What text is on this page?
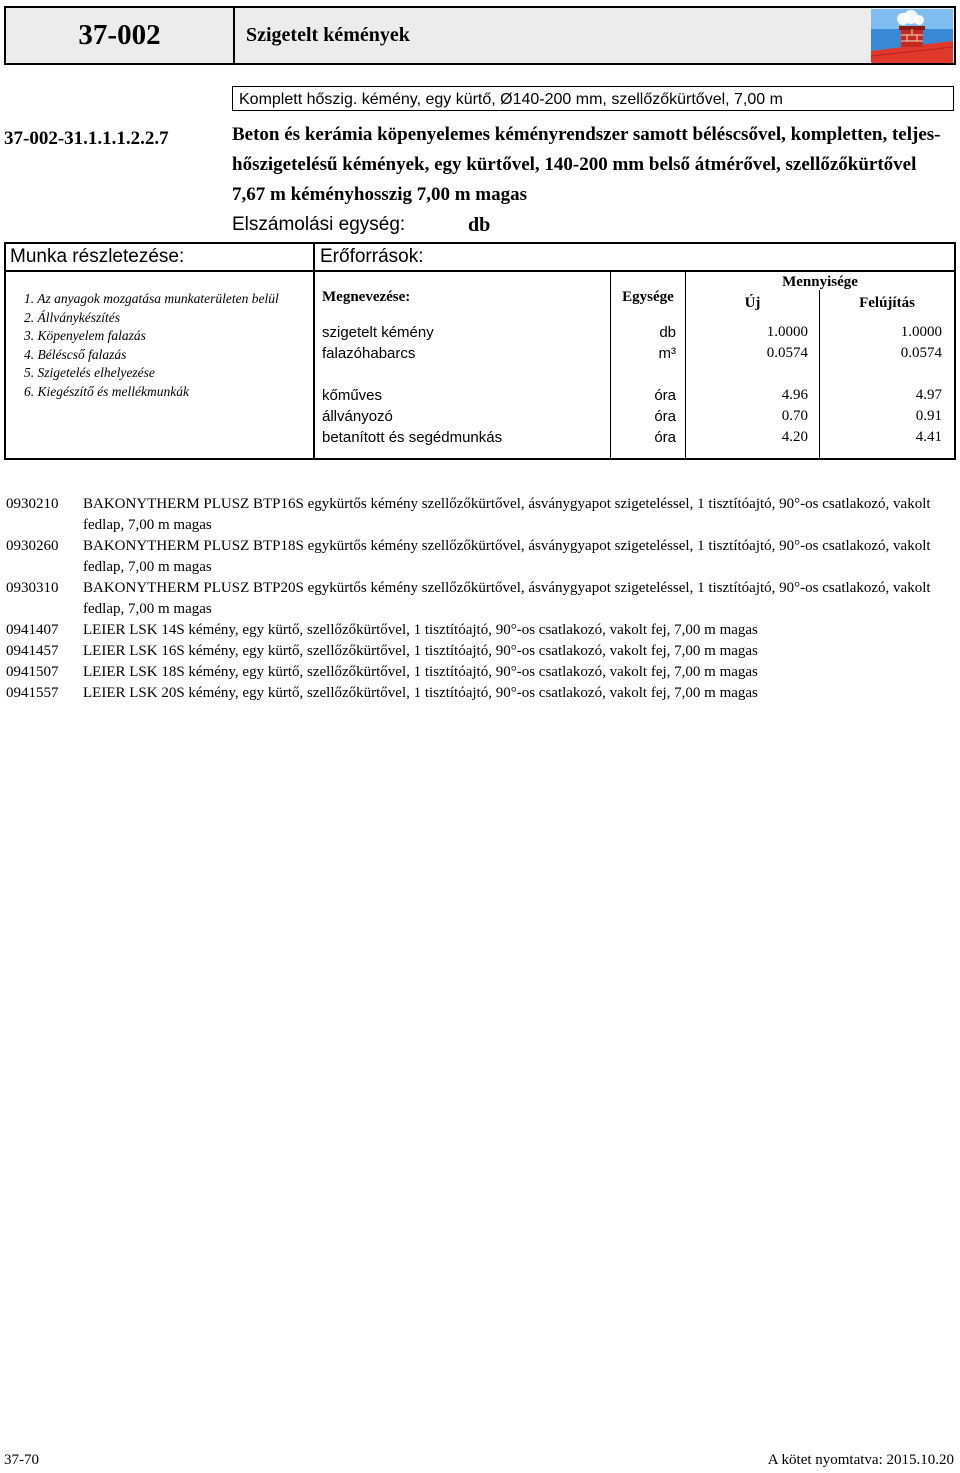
37-002	Szigetelt kémények
Komplett hőszig. kémény, egy kürtő, Ø140-200 mm, szellőzőkürtővel, 7,00 m
37-002-31.1.1.1.2.2.7	Beton és kerámia köpenyelemes kéményrendszer samott béléscsővel, kompletten, teljes-hőszigetelésű kémények, egy kürtővel, 140-200 mm belső átmérővel, szellőzőkürtővel 7,67 m kéményhosszig 7,00 m magas
Elszámolási egység:	db
Munka részletezése:	Erőforrások:
1. Az anyagok mozgatása munkaterületen belül
2. Állványkészítés
3. Köpenyelem falazás
4. Béléscső falazás
5. Szigetelés elhelyezése
6. Kiegészítő és mellékmunkák
Megnevezése:	Egysége
Mennyisége
Új	Felújítás
szigetelt kémény	db	1.0000	1.0000
falazóhabarcs	m³	0.0574	0.0574
kőműves	óra	4.96	4.97
állványozó	óra	0.70	0.91
betanított és segédmunkás	óra	4.20	4.41
0930210	BAKONYTHERM PLUSZ BTP16S egykürtős kémény szellőzőkürtővel, ásványgyapot szigeteléssel, 1 tisztítóajtó, 90°-os csatlakozó, vakolt fedlap, 7,00 m magas
0930260	BAKONYTHERM PLUSZ BTP18S egykürtős kémény szellőzőkürtővel, ásványgyapot szigeteléssel, 1 tisztítóajtó, 90°-os csatlakozó, vakolt fedlap, 7,00 m magas
0930310	BAKONYTHERM PLUSZ BTP20S egykürtős kémény szellőzőkürtővel, ásványgyapot szigeteléssel, 1 tisztítóajtó, 90°-os csatlakozó, vakolt fedlap, 7,00 m magas
0941407	LEIER LSK 14S kémény, egy kürtő, szellőzőkürtővel, 1 tisztítóajtó, 90°-os csatlakozó, vakolt fej, 7,00 m magas
0941457	LEIER LSK 16S kémény, egy kürtő, szellőzőkürtővel, 1 tisztítóajtó, 90°-os csatlakozó, vakolt fej, 7,00 m magas
0941507	LEIER LSK 18S kémény, egy kürtő, szellőzőkürtővel, 1 tisztítóajtó, 90°-os csatlakozó, vakolt fej, 7,00 m magas
0941557	LEIER LSK 20S kémény, egy kürtő, szellőzőkürtővel, 1 tisztítóajtó, 90°-os csatlakozó, vakolt fej, 7,00 m magas
37-70	A kötet nyomtatva: 2015.10.20
